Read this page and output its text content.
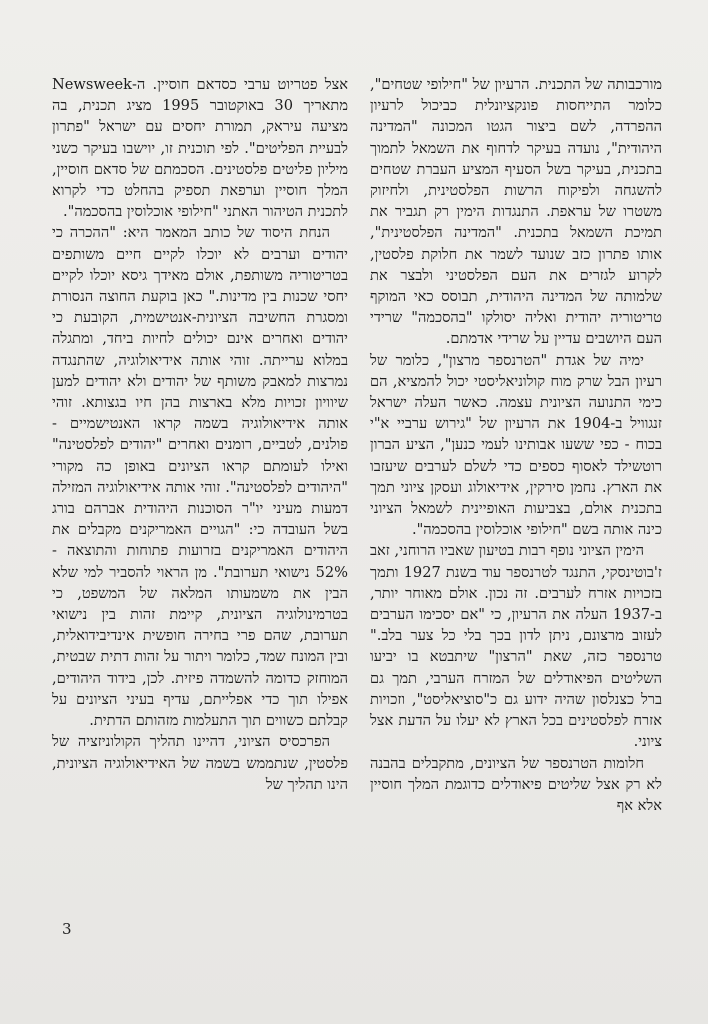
מורכבותה של התכנית. הרעיון של "חילופי שטחים", כלומר התייחסות פונקציונלית כביכול לרעיון ההפרדה, לשם ביצור הגטו המכונה "המדינה היהודית", נועדה בעיקר לדחוף את השמאל לתמוך בתכנית, בעיקר בשל הסעיף המציע העברת שטחים להשגחה ולפיקוח הרשות הפלסטינית, ולחיזוק משטרו של עראפת. התנגדות הימין רק תגביר את תמיכת השמאל בתכנית. "המדינה הפלסטינית", אותו פתרון כזב שנועד לשמר את חלוקת פלסטין, לקרוע לגזרים את העם הפלסטיני ולבצר את שלמותה של המדינה היהודית, תבוסס כאי המוקף טריטוריה יהודית ואליה יסולקו "בהסכמה" שרידי העם היושבים עדיין על שרידי אדמתם.

ימיה של אגדת "הטרנספר מרצון", כלומר של רעיון הבל שרק מוח קולוניאליסטי יכול להמציא, הם כימי התנועה הציונית עצמה. כאשר העלה ישראל זנגוויל ב-1904 את הרעיון של "גירוש ערביי א"י בכוח - כפי ששעו אבותינו לעמי כנען", הציע הברון רוטשילד לאסוף כספים כדי לשלם לערבים שיעזבו את הארץ. נחמן סירקין, אידיאולוג ועסקן ציוני תמך בתכנית אולם, בצביעות האופיינית לשמאל הציוני כינה אותה בשם "חילופי אוכלוסין בהסכמה".

הימין הציוני נופף רבות בטיעון שאביו הרוחני, זאב ז'בוטינסקי, התנגד לטרנספר עוד בשנת 1927 ותמך בזכויות אזרח לערבים. זה נכון. אולם מאוחר יותר, ב-1937 העלה את הרעיון, כי "אם יסכימו הערבים לעזוב מרצונם, ניתן לדון בכך בלי כל צער בלב." טרנספר כזה, שאת "הרצון" שיתבטא בו יביעו השליטים הפיאודלים של המזרח הערבי, תמך גם ברל כצנלסון שהיה ידוע גם כ"סוציאליסט", וזכויות אזרח לפלסטינים בכל הארץ לא יעלו על הדעת אצל ציוני.

חלומות הטרנספר של הציונים, מתקבלים בהבנה לא רק אצל שליטים פיאודלים כדוגמת המלך חוסיין אלא אף

אצל פטריוט ערבי כסדאם חוסיין. ה-Newsweek מתאריך 30 באוקטובר 1995 מציג תכנית, בה מציעה עיראק, תמורת יחסים עם ישראל "פתרון לבעיית הפליטים". לפי תוכנית זו, יוישבו בעיקר כשני מיליון פליטים פלסטינים. הסכמתם של סדאם חוסיין, המלך חוסיין וערפאת תספיק בהחלט כדי לקרוא לתכנית הטיהור האתני "חילופי אוכלוסין בהסכמה".

הנחת היסוד של כותב המאמר היא: "ההכרה כי יהודים וערבים לא יוכלו לקיים חיים משותפים בטריטוריה משותפת, אולם מאידך גיסא יוכלו לקיים יחסי שכנות בין מדינות." כאן בוקעת החוצה הנסורת ומסגרת החשיבה הציונית-אנטישמית, הקובעת כי יהודים ואחרים אינם יכולים לחיות ביחד, ומתגלה במלוא ערייתה. זוהי אותה אידיאולוגיה, שהתנגדה נמרצות למאבק משותף של יהודים ולא יהודים למען שיוויון זכויות מלא בארצות בהן חיו בגצותא. זוהי אותה אידיאולוגיה בשמה קראו האנטישמיים - פולנים, לטביים, רומנים ואחרים "יהודים לפלסטינה" ואילו לעומתם קראו הציונים באופן כה מקורי "היהודים לפלסטינה". זוהי אותה אידיאולוגיה המזילה דמעות מעיני יו"ר הסוכנות היהודית אברהם בורג בשל העובדה כי: "הגויים האמריקנים מקבלים את היהודים האמריקנים בזרועות פתוחות והתוצאה - 52% נישואי תערובת". מן הראוי להסביר למי שלא הבין את משמעותו המלאה של המשפט, כי בטרמינולוגיה הציונית, קיימת זהות בין נישואי תערובת, שהם פרי בחירה חופשית אינדיבידואלית, ובין המונח שמד, כלומר ויתור על זהות דתית שבטית, המוחזק כדומה להשמדה פיזית. לכן, בידוד היהודים, אפילו תוך כדי אפלייתם, עדיף בעיני הציונים על קבלתם כשווים תוך התעלמות מזהותם הדתית.

הפרכסיס הציוני, דהיינו תהליך הקולוניזציה של פלסטין, שנתממש בשמה של האידיאולוגיה הציונית, הינו תהליך של

3
